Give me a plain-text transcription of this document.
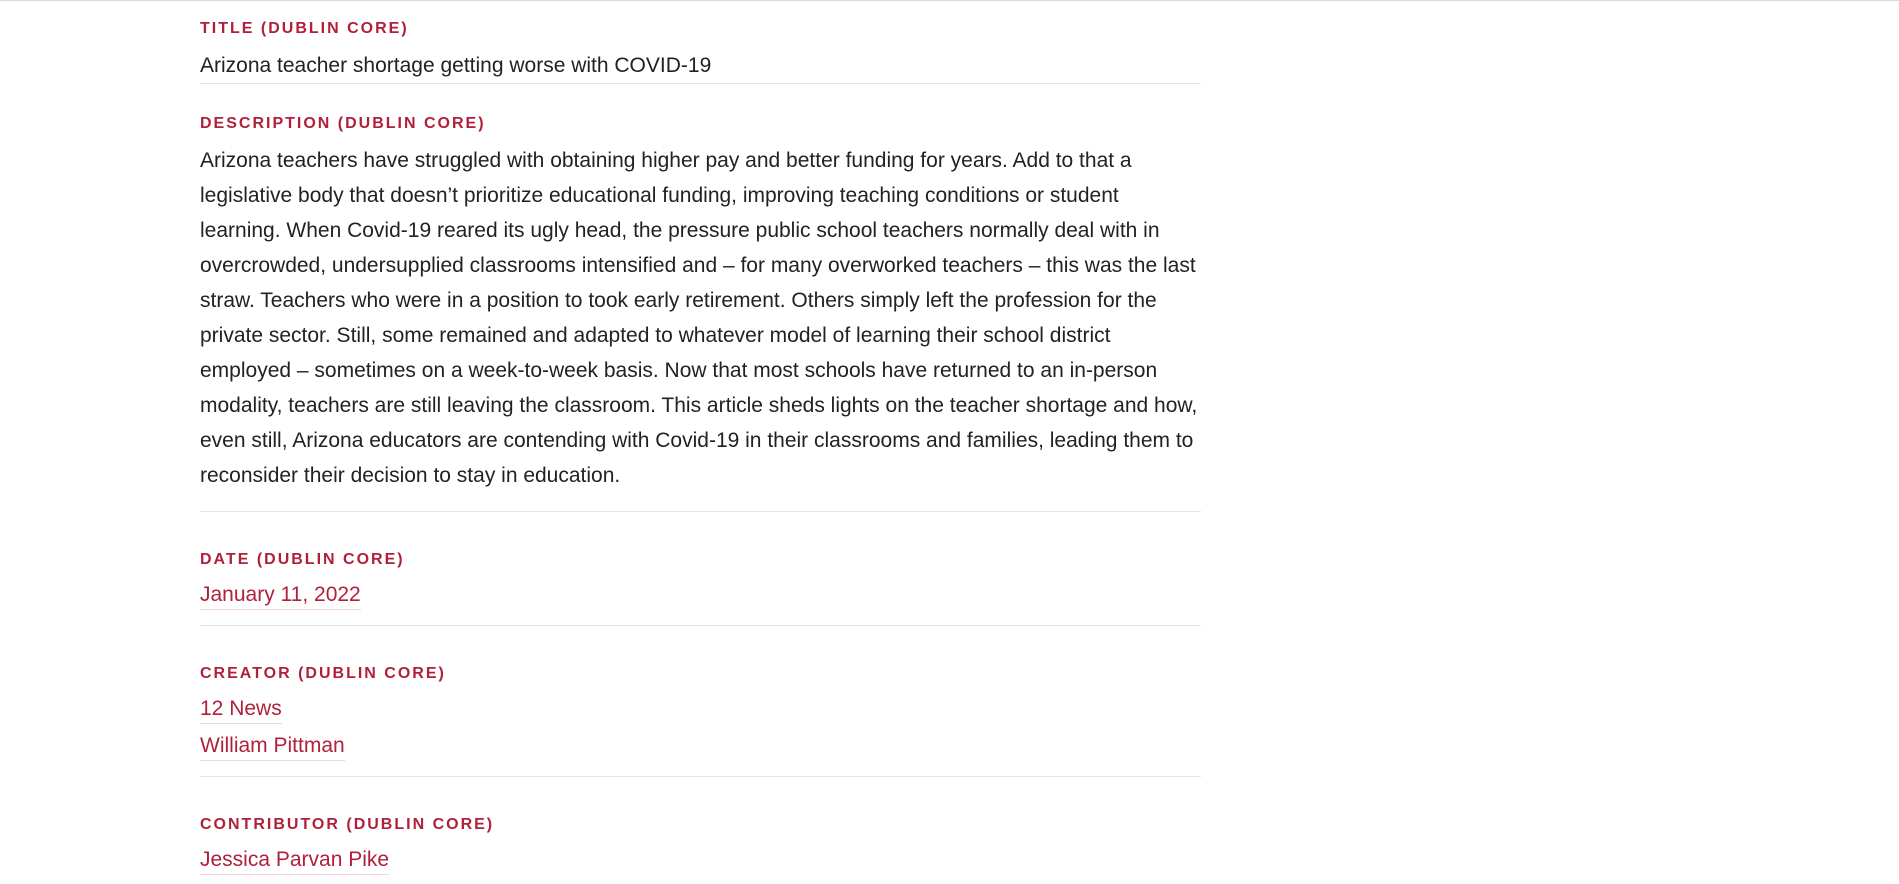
TITLE (DUBLIN CORE)
Arizona teacher shortage getting worse with COVID-19
DESCRIPTION (DUBLIN CORE)
Arizona teachers have struggled with obtaining higher pay and better funding for years. Add to that a legislative body that doesn’t prioritize educational funding, improving teaching conditions or student learning. When Covid-19 reared its ugly head, the pressure public school teachers normally deal with in overcrowded, undersupplied classrooms intensified and – for many overworked teachers – this was the last straw. Teachers who were in a position to took early retirement. Others simply left the profession for the private sector. Still, some remained and adapted to whatever model of learning their school district employed – sometimes on a week-to-week basis. Now that most schools have returned to an in-person modality, teachers are still leaving the classroom. This article sheds lights on the teacher shortage and how, even still, Arizona educators are contending with Covid-19 in their classrooms and families, leading them to reconsider their decision to stay in education.
DATE (DUBLIN CORE)
January 11, 2022
CREATOR (DUBLIN CORE)
12 News
William Pittman
CONTRIBUTOR (DUBLIN CORE)
Jessica Parvan Pike
